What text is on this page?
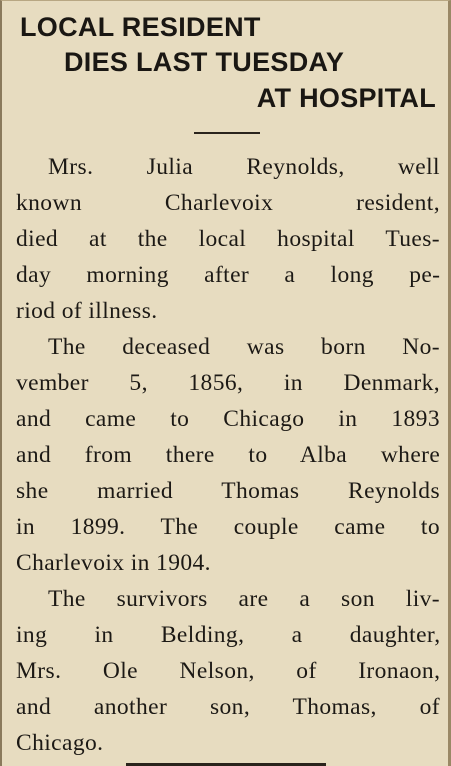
LOCAL RESIDENT
DIES LAST TUESDAY
AT HOSPITAL

Mrs. Julia Reynolds, well
known Charlevoix resident,
died at the local hospital Tues-
day morning after a long pe-
riod of illness.

The deceased was born No-
vember 5, 1856, in Denmark,
and came to Chicago in 1893
and from there to Alba where
she married Thomas Reynolds
in 1899. The couple came to
Charlevoix in 1904.

The survivors are a son liv-
ing in Belding, a daughter,
Mrs. Ole Nelson, of Ironaon,
and another son, Thomas, of
Chicago.
